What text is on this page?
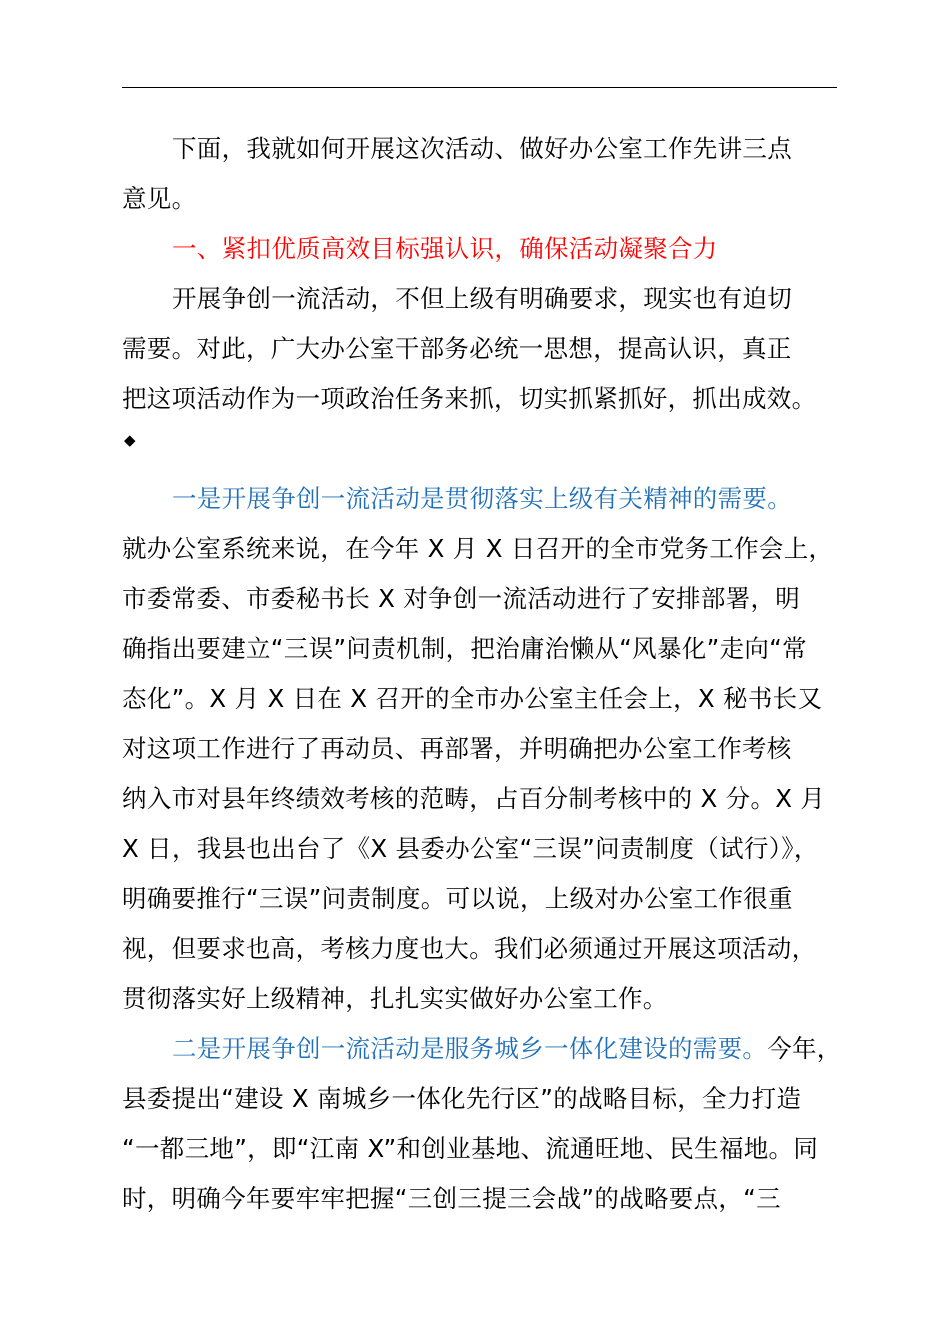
下面，我就如何开展这次活动、做好办公室工作先讲三点
意见。
一、紧扣优质高效目标强认识，确保活动凝聚合力
开展争创一流活动，不但上级有明确要求，现实也有迫切
需要。对此，广大办公室干部务必统一思想，提高认识，真正
把这项活动作为一项政治任务来抓，切实抓紧抓好，抓出成效。
◆
一是开展争创一流活动是贯彻落实上级有关精神的需要。
就办公室系统来说，在今年 X 月 X 日召开的全市党务工作会上，
市委常委、市委秘书长 X 对争创一流活动进行了安排部署，明
确指出要建立“三误”问责机制，把治庸治懒从“风暴化”走向“常
态化”。X 月 X 日在 X 召开的全市办公室主任会上，X 秘书长又
对这项工作进行了再动员、再部署，并明确把办公室工作考核
纳入市对县年终绩效考核的范畴，占百分制考核中的 X 分。X 月
X 日，我县也出台了《X 县委办公室“三误”问责制度（试行）》，
明确要推行“三误”问责制度。可以说，上级对办公室工作很重
视，但要求也高，考核力度也大。我们必须通过开展这项活动，
贯彻落实好上级精神，扎扎实实做好办公室工作。
二是开展争创一流活动是服务城乡一体化建设的需要。今年，
县委提出“建设 X 南城乡一体化先行区”的战略目标，全力打造
“一都三地”，即“江南 X”和创业基地、流通旺地、民生福地。同
时，明确今年要牢牢把握“三创三提三会战”的战略要点，“三
